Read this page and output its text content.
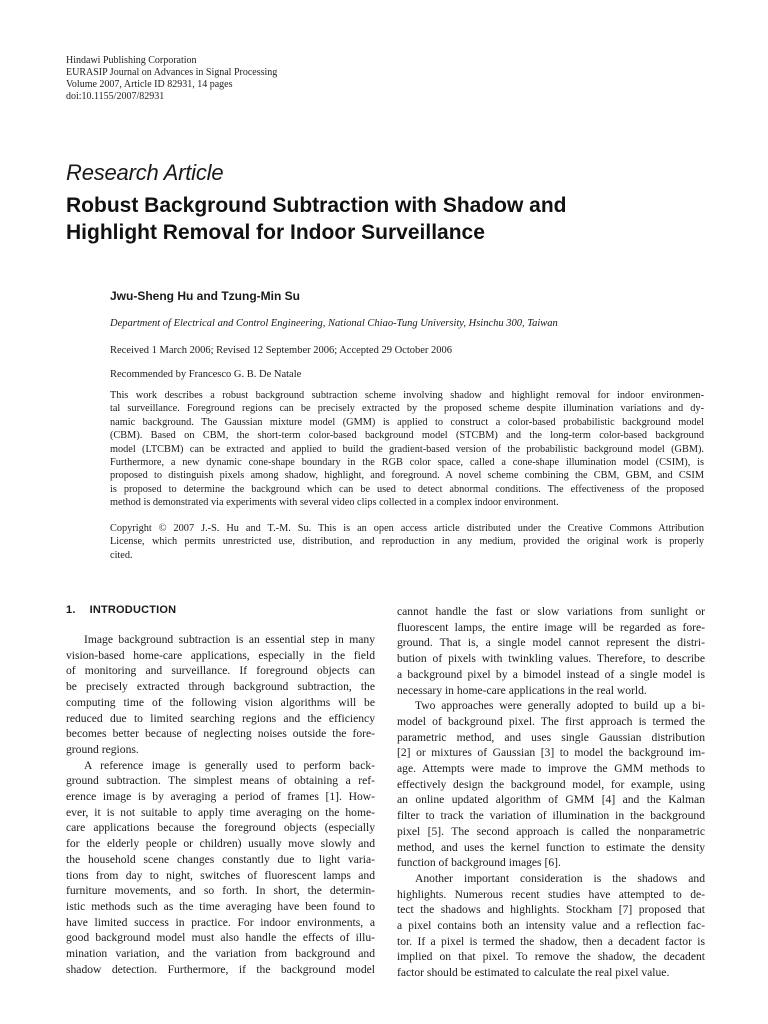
Hindawi Publishing Corporation
EURASIP Journal on Advances in Signal Processing
Volume 2007, Article ID 82931, 14 pages
doi:10.1155/2007/82931
Research Article
Robust Background Subtraction with Shadow and
Highlight Removal for Indoor Surveillance
Jwu-Sheng Hu and Tzung-Min Su
Department of Electrical and Control Engineering, National Chiao-Tung University, Hsinchu 300, Taiwan
Received 1 March 2006; Revised 12 September 2006; Accepted 29 October 2006
Recommended by Francesco G. B. De Natale
This work describes a robust background subtraction scheme involving shadow and highlight removal for indoor environmen-
tal surveillance. Foreground regions can be precisely extracted by the proposed scheme despite illumination variations and dy-
namic background. The Gaussian mixture model (GMM) is applied to construct a color-based probabilistic background model
(CBM). Based on CBM, the short-term color-based background model (STCBM) and the long-term color-based background
model (LTCBM) can be extracted and applied to build the gradient-based version of the probabilistic background model (GBM).
Furthermore, a new dynamic cone-shape boundary in the RGB color space, called a cone-shape illumination model (CSIM), is
proposed to distinguish pixels among shadow, highlight, and foreground. A novel scheme combining the CBM, GBM, and CSIM
is proposed to determine the background which can be used to detect abnormal conditions. The effectiveness of the proposed
method is demonstrated via experiments with several video clips collected in a complex indoor environment.
Copyright © 2007 J.-S. Hu and T.-M. Su. This is an open access article distributed under the Creative Commons Attribution
License, which permits unrestricted use, distribution, and reproduction in any medium, provided the original work is properly
cited.
1. INTRODUCTION
Image background subtraction is an essential step in many
vision-based home-care applications, especially in the field
of monitoring and surveillance. If foreground objects can
be precisely extracted through background subtraction, the
computing time of the following vision algorithms will be
reduced due to limited searching regions and the efficiency
becomes better because of neglecting noises outside the fore-
ground regions.
A reference image is generally used to perform back-
ground subtraction. The simplest means of obtaining a ref-
erence image is by averaging a period of frames [1]. How-
ever, it is not suitable to apply time averaging on the home-
care applications because the foreground objects (especially
for the elderly people or children) usually move slowly and
the household scene changes constantly due to light varia-
tions from day to night, switches of fluorescent lamps and
furniture movements, and so forth. In short, the determin-
istic methods such as the time averaging have been found to
have limited success in practice. For indoor environments, a
good background model must also handle the effects of illu-
mination variation, and the variation from background and
shadow detection. Furthermore, if the background model
cannot handle the fast or slow variations from sunlight or
fluorescent lamps, the entire image will be regarded as fore-
ground. That is, a single model cannot represent the distri-
bution of pixels with twinkling values. Therefore, to describe
a background pixel by a bimodel instead of a single model is
necessary in home-care applications in the real world.
Two approaches were generally adopted to build up a bi-
model of background pixel. The first approach is termed the
parametric method, and uses single Gaussian distribution
[2] or mixtures of Gaussian [3] to model the background im-
age. Attempts were made to improve the GMM methods to
effectively design the background model, for example, using
an online updated algorithm of GMM [4] and the Kalman
filter to track the variation of illumination in the background
pixel [5]. The second approach is called the nonparametric
method, and uses the kernel function to estimate the density
function of background images [6].
Another important consideration is the shadows and
highlights. Numerous recent studies have attempted to de-
tect the shadows and highlights. Stockham [7] proposed that
a pixel contains both an intensity value and a reflection fac-
tor. If a pixel is termed the shadow, then a decadent factor is
implied on that pixel. To remove the shadow, the decadent
factor should be estimated to calculate the real pixel value.
